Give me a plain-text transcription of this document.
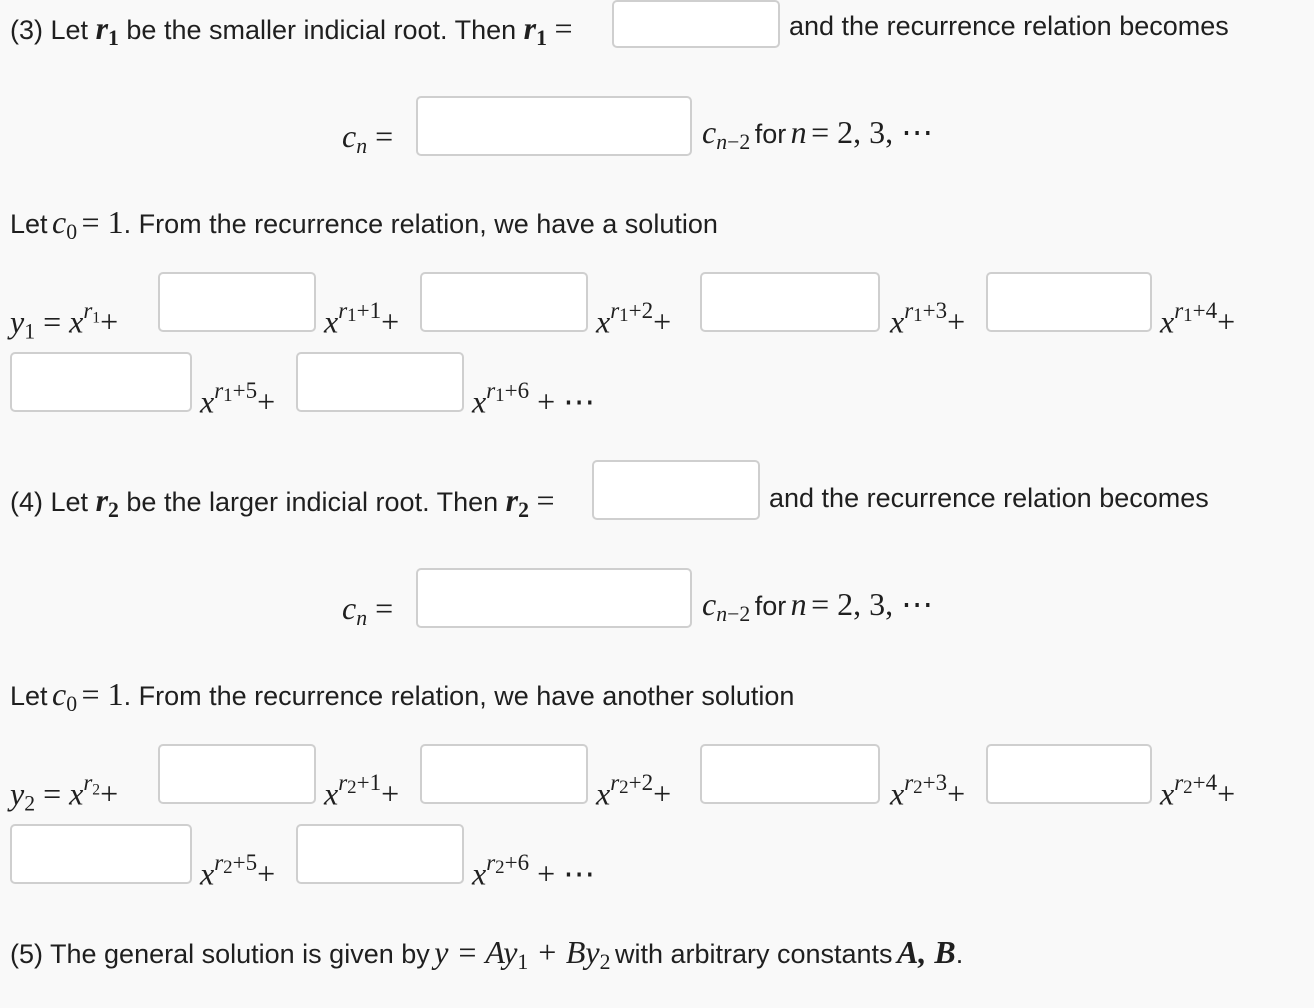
(3) Let $r_1$ be the smaller indicial root. Then $r_1$ =	and the recurrence relation becomes
cn =	$cn_{-2}$ for n = 2, 3, ⋯
Let $c_0 = 1$. From the recurrence relation, we have a solution
$y_1 = x^{r_1}+$	$x^{r1+1}+$	$x^{r1+2}+$	$x^{r1+3}+$	$x^{r1+4}+$
$x^{r1+5}+$	$x^{r1+6}$ + ⋯
(4) Let $r_2$ be the larger indicial root. Then $r_2$ =	and the recurrence relation becomes
cn =	$cn_{-2}$ for n = 2, 3, ⋯
Let $c_0 = 1$. From the recurrence relation, we have another solution
$y_2 = x^{r_2}+$	$x^{r2+1}+$	$x^{r2+2}+$	$x^{r2+3}+$	$x^{r2+4}+$
$x^{r2+5}+$	$x^{r2+6}$ + ⋯
(5) The general solution is given by $y = Ay_1 + By_2$ with arbitrary constants A, B.
